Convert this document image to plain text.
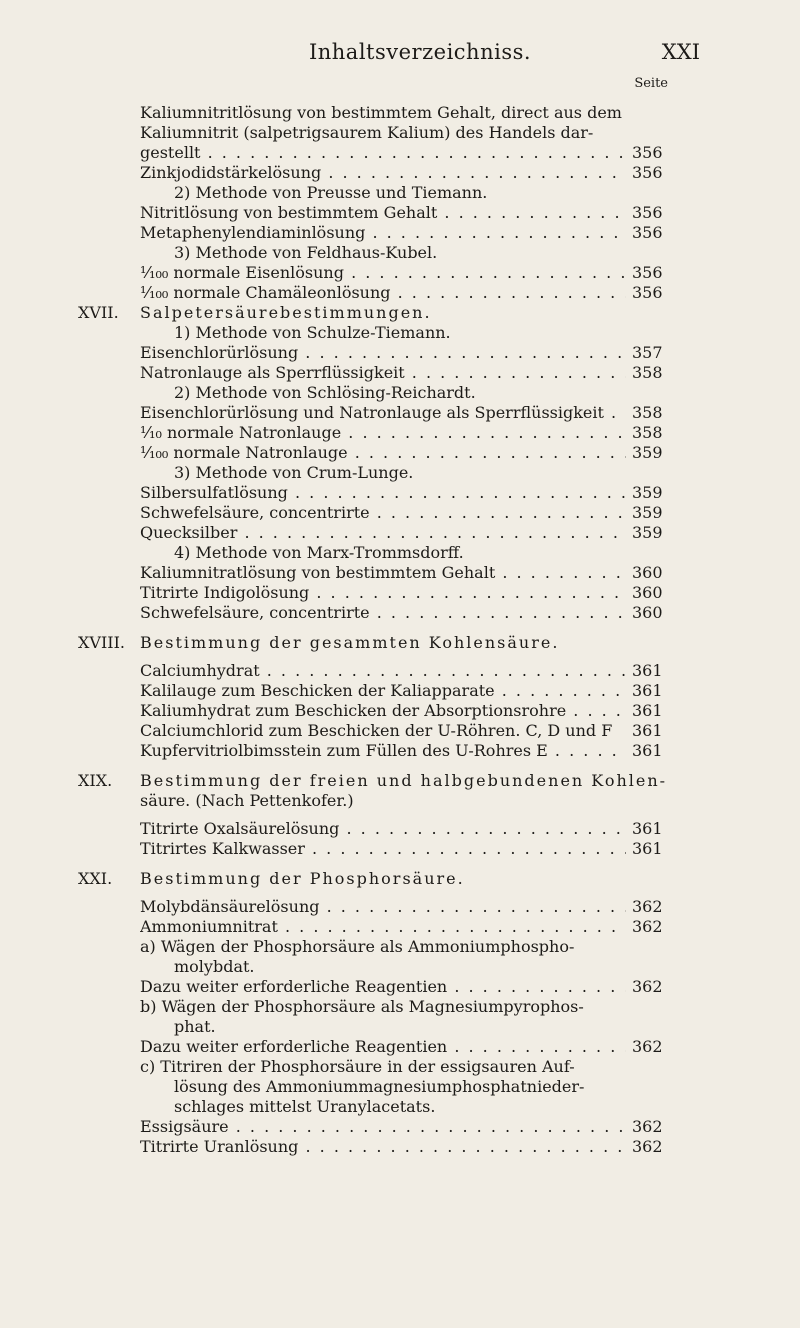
Inhaltsverzeichniss.	XXI
Seite
Kaliumnitritlösung von bestimmtem Gehalt, direct aus dem
Kaliumnitrit (salpetrigsaurem Kalium) des Handels dar-
gestellt . . .	356
Zinkjodidstärkelösung . . .	356
2) Methode von Preusse und Tiemann.
Nitritlösung von bestimmtem Gehalt . . .	356
Metaphenylendiaminlösung . . .	356
3) Methode von Feldhaus-Kubel.
¹⁄₁₀₀ normale Eisenlösung . . .	356
¹⁄₁₀₀ normale Chamäleonlösung . . .	356
XVII. Salpetersäurebestimmungen.
1) Methode von Schulze-Tiemann.
Eisenchlorürlösung . . .	357
Natronlauge als Sperrflüssigkeit . . .	358
2) Methode von Schlösing-Reichardt.
Eisenchlorürlösung und Natronlauge als Sperrflüssigkeit . . .	358
¹⁄₁₀ normale Natronlauge . . .	358
¹⁄₁₀₀ normale Natronlauge . . .	359
3) Methode von Crum-Lunge.
Silbersulfatlösung . . .	359
Schwefelsäure, concentrirte . . .	359
Quecksilber . . .	359
4) Methode von Marx-Trommsdorff.
Kaliumnitratlösung von bestimmtem Gehalt . . .	360
Titrirte Indigolösung . . .	360
Schwefelsäure, concentrirte . . .	360
XVIII. Bestimmung der gesammten Kohlensäure.
Calciumhydrat . . .	361
Kalilauge zum Beschicken der Kaliapparate . . .	361
Kaliumhydrat zum Beschicken der Absorptionsrohre . . .	361
Calciumchlorid zum Beschicken der U-Röhren. C, D und F 361
Kupfervitriolbimsstein zum Füllen des U-Rohres E . . .	361
XIX. Bestimmung der freien und halbgebundenen Kohlen-
säure. (Nach Pettenkofer.)
Titrirte Oxalsäurelösung . . .	361
Titrirtes Kalkwasser . . .	361
XXI. Bestimmung der Phosphorsäure.
Molybdänsäurelösung . . .	362
Ammoniumnitrat . . .	362
a) Wägen der Phosphorsäure als Ammoniumphospho-
molybdat.
Dazu weiter erforderliche Reagentien . . .	362
b) Wägen der Phosphorsäure als Magnesiumpyrophos-
phat.
Dazu weiter erforderliche Reagentien . . .	362
c) Titriren der Phosphorsäure in der essigsauren Auf-
lösung des Ammoniummagnesiumphosphatnieder-
schlages mittelst Uranylacetats.
Essigsäure . . .	362
Titrirte Uranlösung . . .	362
